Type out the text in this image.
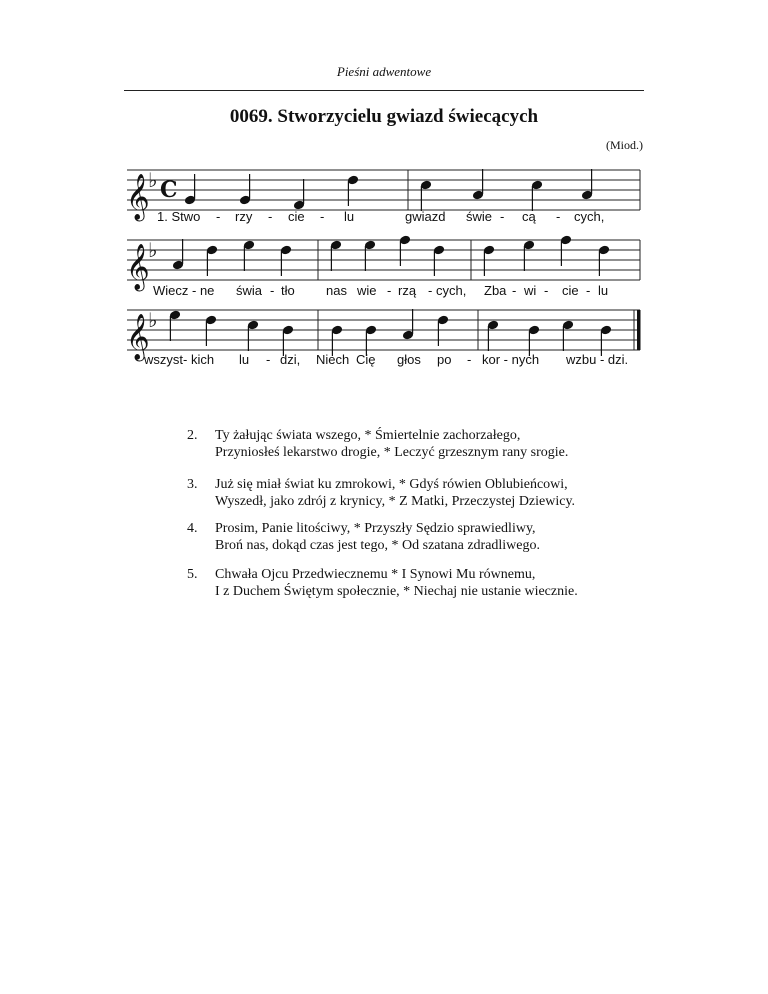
Pieśni adwentowe
0069. Stworzycielu gwiazd świecących
(Miod.)
𝄞
♭ C
1. Stwo - rzy - cie - lu	gwiazd świe - cą - cych,
𝄞
♭
Wiecz - ne świa - tło nas wie - rzą - cych, Zba - wi - cie - lu
𝄞
♭
wszyst- kich lu - dzi, Niech Cię głos po - kor - nych wzbu - dzi.
2. Ty żałując świata wszego, * Śmiertelnie zachorzałego,
Przyniosłeś lekarstwo drogie, * Leczyć grzesznym rany srogie.
3. Już się miał świat ku zmrokowi, * Gdyś rówien Oblubieńcowi,
Wyszedł, jako zdrój z krynicy, * Z Matki, Przeczystej Dziewicy.
4. Prosim, Panie litościwy, * Przyszły Sędzio sprawiedliwy,
Broń nas, dokąd czas jest tego, * Od szatana zdradliwego.
5. Chwała Ojcu Przedwiecznemu * I Synowi Mu równemu,
I z Duchem Świętym społecznie, * Niechaj nie ustanie wiecznie.
